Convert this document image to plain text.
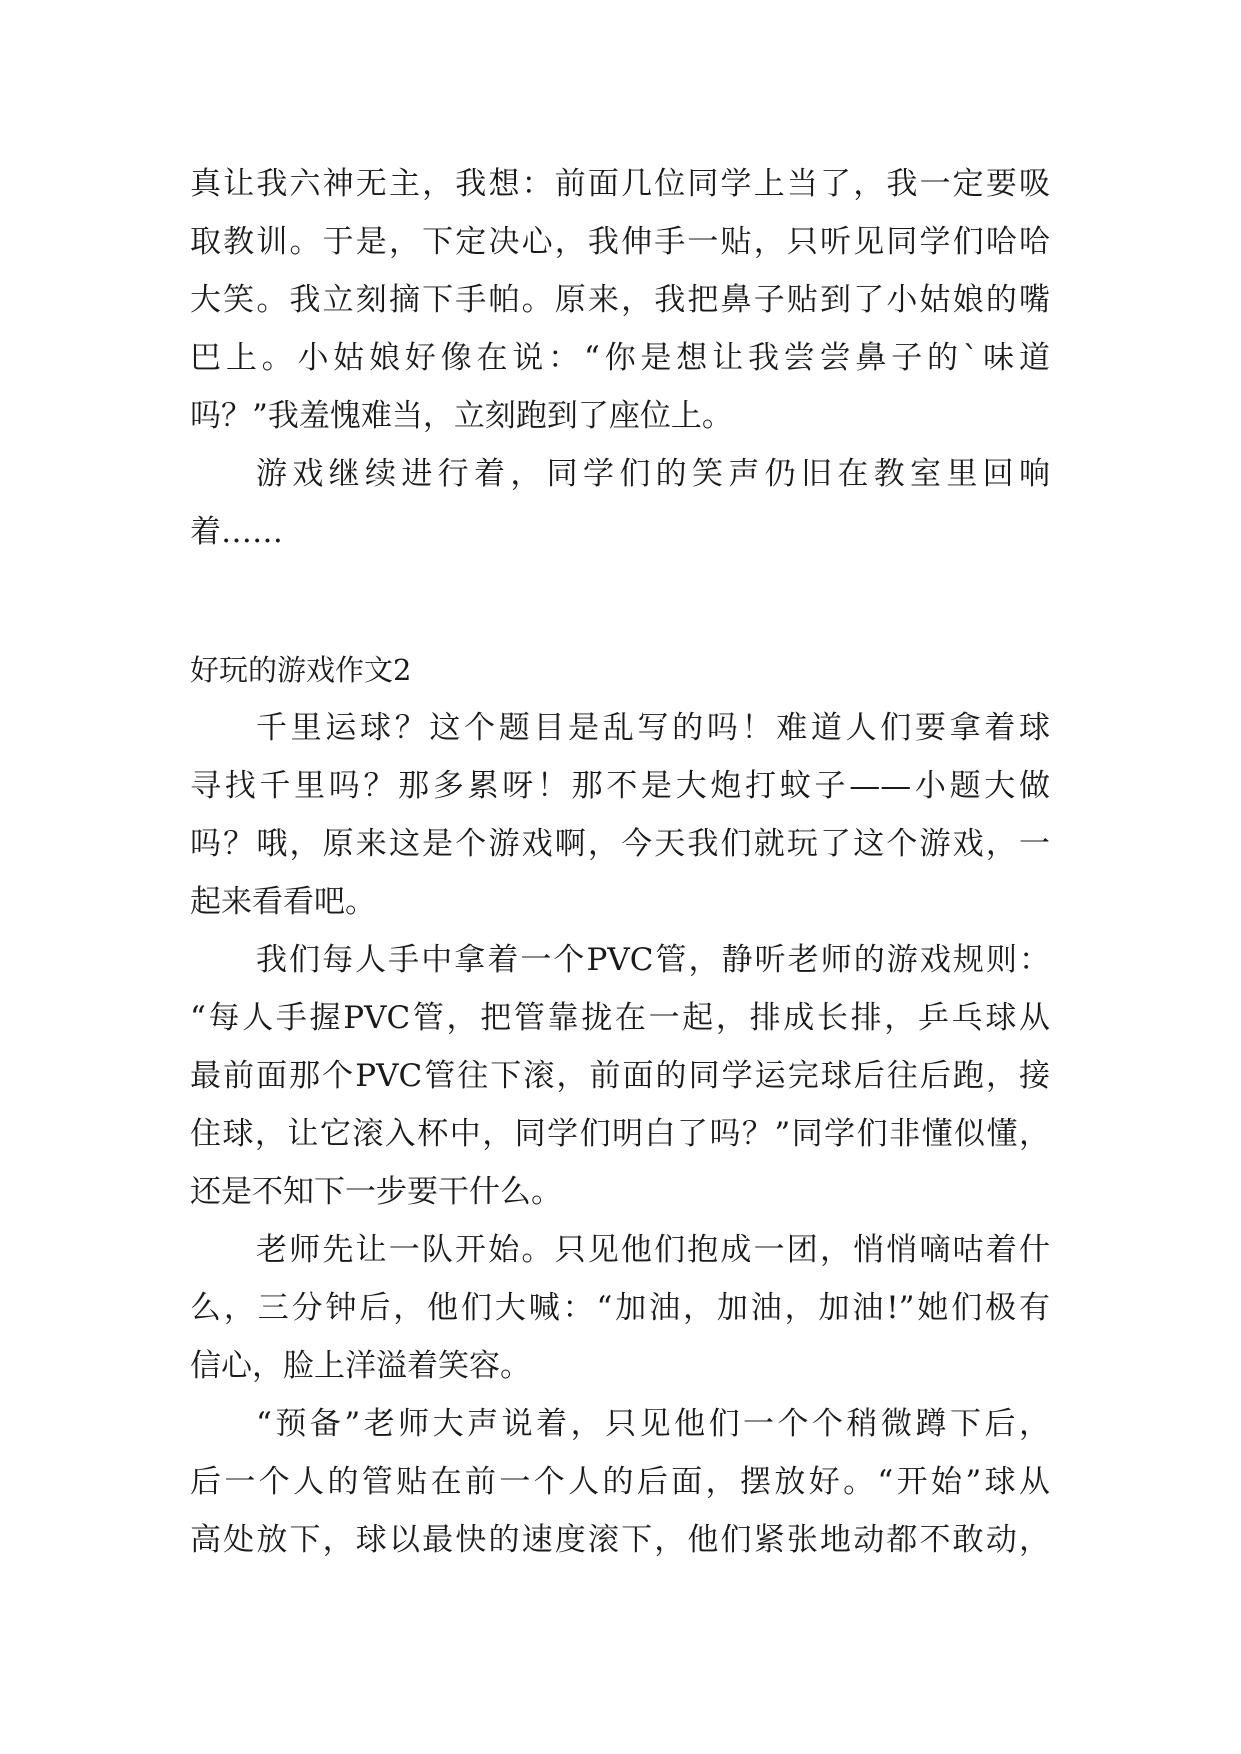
真让我六神无主，我想：前面几位同学上当了，我一定要吸
取教训。于是，下定决心，我伸手一贴，只听见同学们哈哈
大笑。我立刻摘下手帕。原来，我把鼻子贴到了小姑娘的嘴
巴上。小姑娘好像在说：“你是想让我尝尝鼻子的`味道
吗？”我羞愧难当，立刻跑到了座位上。
游戏继续进行着，同学们的笑声仍旧在教室里回响
着……
好玩的游戏作文2
千里运球？这个题目是乱写的吗！难道人们要拿着球
寻找千里吗？那多累呀！那不是大炮打蚊子——小题大做
吗？哦，原来这是个游戏啊，今天我们就玩了这个游戏，一
起来看看吧。
我们每人手中拿着一个PVC管，静听老师的游戏规则：
“每人手握PVC管，把管靠拢在一起，排成长排，乒乓球从
最前面那个PVC管往下滚，前面的同学运完球后往后跑，接
住球，让它滚入杯中，同学们明白了吗？”同学们非懂似懂，
还是不知下一步要干什么。
老师先让一队开始。只见他们抱成一团，悄悄嘀咕着什
么，三分钟后，他们大喊：“加油，加油，加油!”她们极有
信心，脸上洋溢着笑容。
“预备”老师大声说着，只见他们一个个稍微蹲下后，
后一个人的管贴在前一个人的后面，摆放好。“开始”球从
高处放下，球以最快的速度滚下，他们紧张地动都不敢动，
